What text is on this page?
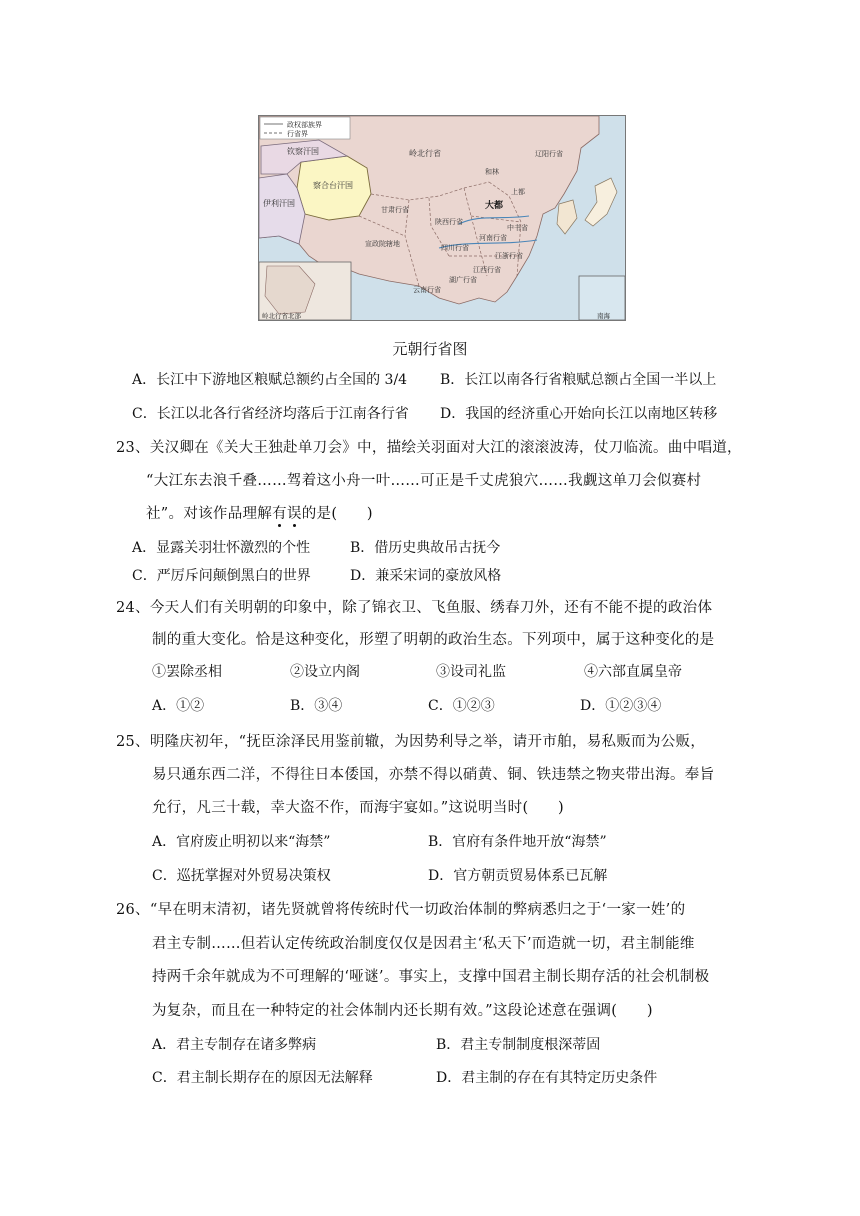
政权部族界
行省界
钦察汗国
察合台汗国
伊利汗国
岭北行省	辽阳行省
和林
上都
大都
甘肃行省
陕西行省
中书省
河南行省
宣政院辖地
四川行省
江浙行省
江西行省
湖广行省
云南行省
岭北行省北部	南海
元朝行省图
A．长江中下游地区粮赋总额约占全国的 3/4 B．长江以南各行省粮赋总额占全国一半以上
C．长江以北各行省经济均落后于江南各行省 D．我国的经济重心开始向长江以南地区转移
23、关汉卿在《关大王独赴单刀会》中，描绘关羽面对大江的滚滚波涛，仗刀临流。曲中唱道，
“大江东去浪千叠……驾着这小舟一叶……可正是千丈虎狼穴……我觑这单刀会似赛村
社”。对该作品理解有误的是(　　)
A．显露关羽壮怀激烈的个性	B．借历史典故吊古抚今
C．严厉斥问颠倒黑白的世界	D．兼采宋词的豪放风格
24、今天人们有关明朝的印象中，除了锦衣卫、飞鱼服、绣春刀外，还有不能不提的政治体
制的重大变化。恰是这种变化，形塑了明朝的政治生态。下列项中，属于这种变化的是
①罢除丞相	②设立内阁	③设司礼监	④六部直属皇帝
A．①②	B．③④	C．①②③	D．①②③④
25、明隆庆初年，“抚臣涂泽民用鉴前辙，为因势利导之举，请开市舶，易私贩而为公贩，
易只通东西二洋，不得往日本倭国，亦禁不得以硝黄、铜、铁违禁之物夹带出海。奉旨
允行，凡三十载，幸大盗不作，而海宇宴如。”这说明当时(　　)
A．官府废止明初以来“海禁”	B．官府有条件地开放“海禁”
C．巡抚掌握对外贸易决策权	D．官方朝贡贸易体系已瓦解
26、“早在明末清初，诸先贤就曾将传统时代一切政治体制的弊病悉归之于‘一家一姓’的
君主专制……但若认定传统政治制度仅仅是因君主‘私天下’而造就一切，君主制能维
持两千余年就成为不可理解的‘哑谜’。事实上，支撑中国君主制长期存活的社会机制极
为复杂，而且在一种特定的社会体制内还长期有效。”这段论述意在强调(　　)
A．君主专制存在诸多弊病	B．君主专制制度根深蒂固
C．君主制长期存在的原因无法解释	D．君主制的存在有其特定历史条件
